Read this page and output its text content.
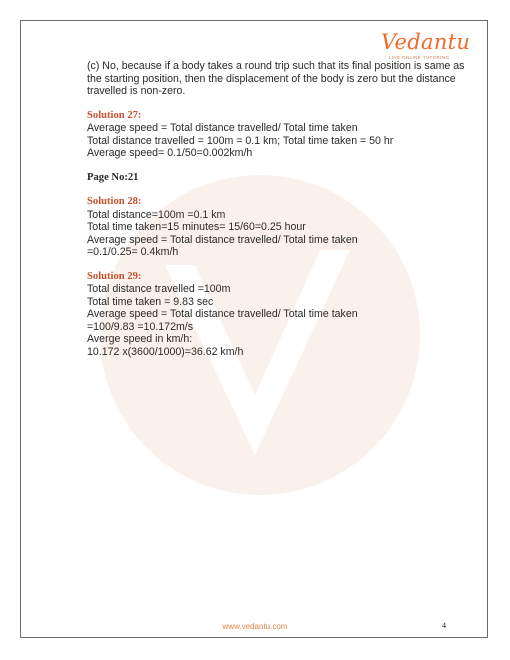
Vedantu
LIVE ONLINE TUTORING

(c) No, because if a body takes a round trip such that its final position is same as
the starting position, then the displacement of the body is zero but the distance
travelled is non-zero.

Solution 27:

Average speed = Total distance travelled/ Total time taken
Total distance travelled = 100m = 0.1 km; Total time taken = 50 hr
Average speed= 0.1/50=0.002km/h

Page No:21

Solution 28:

Total distance=100m =0.1 km
Total time taken=15 minutes= 15/60=0.25 hour
Average speed = Total distance travelled/ Total time taken
=0.1/0.25= 0.4km/h

Solution 29:

Total distance travelled =100m
Total time taken = 9.83 sec
Average speed = Total distance travelled/ Total time taken
=100/9.83 =10.172m/s
Averge speed in km/h:
10.172 x(3600/1000)=36.62 km/h

www.vedantu.com	4
